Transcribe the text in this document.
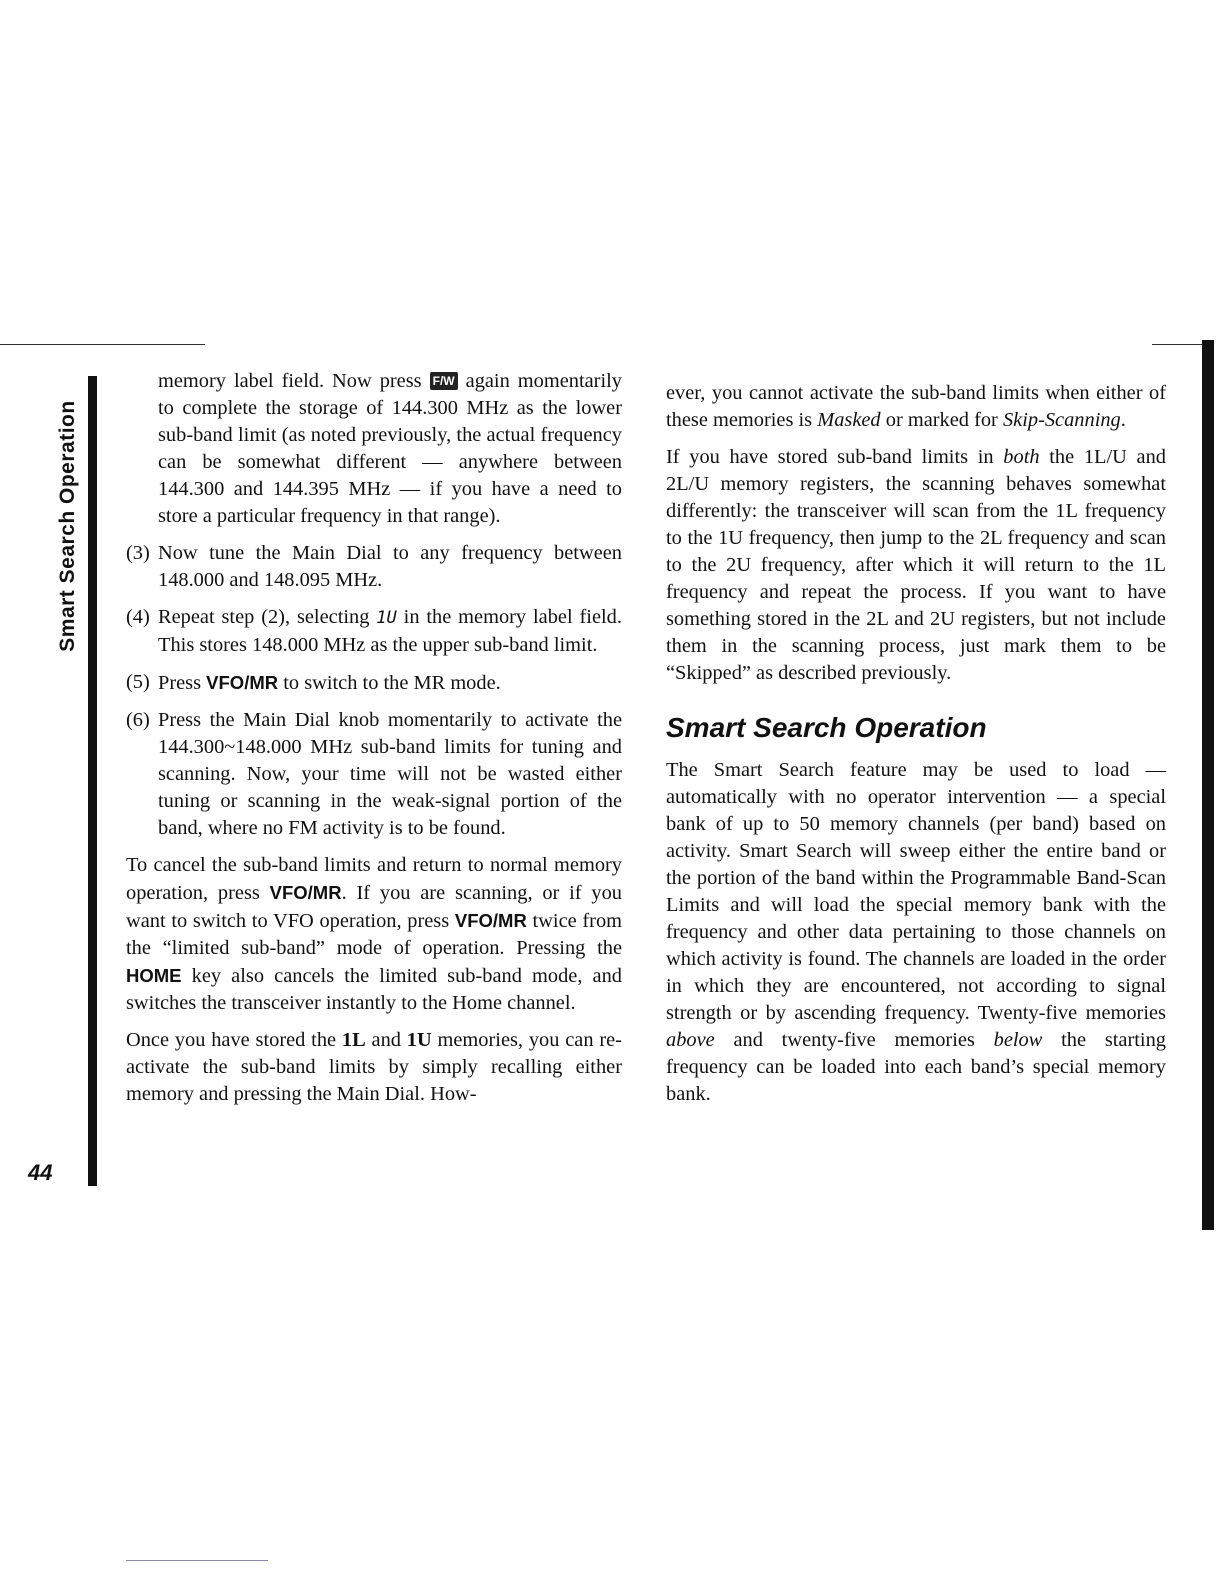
Smart Search Operation
44

memory label field. Now press F/W again momentarily to complete the storage of 144.300 MHz as the lower sub-band limit (as noted previously, the actual frequency can be somewhat different — anywhere between 144.300 and 144.395 MHz — if you have a need to store a particular frequency in that range).

(3) Now tune the Main Dial to any frequency between 148.000 and 148.095 MHz.
(4) Repeat step (2), selecting 1U in the memory label field. This stores 148.000 MHz as the upper sub-band limit.
(5) Press VFO/MR to switch to the MR mode.
(6) Press the Main Dial knob momentarily to activate the 144.300~148.000 MHz sub-band limits for tuning and scanning. Now, your time will not be wasted either tuning or scanning in the weak-signal portion of the band, where no FM activity is to be found.

To cancel the sub-band limits and return to normal memory operation, press VFO/MR. If you are scanning, or if you want to switch to VFO operation, press VFO/MR twice from the “limited sub-band” mode of operation. Pressing the HOME key also cancels the limited sub-band mode, and switches the transceiver instantly to the Home channel.

Once you have stored the 1L and 1U memories, you can re-activate the sub-band limits by simply recalling either memory and pressing the Main Dial. How-

ever, you cannot activate the sub-band limits when either of these memories is Masked or marked for Skip-Scanning.

If you have stored sub-band limits in both the 1L/U and 2L/U memory registers, the scanning behaves somewhat differently: the transceiver will scan from the 1L frequency to the 1U frequency, then jump to the 2L frequency and scan to the 2U frequency, after which it will return to the 1L frequency and repeat the process. If you want to have something stored in the 2L and 2U registers, but not include them in the scanning process, just mark them to be “Skipped” as described previously.

Smart Search Operation

The Smart Search feature may be used to load — automatically with no operator intervention — a special bank of up to 50 memory channels (per band) based on activity. Smart Search will sweep either the entire band or the portion of the band within the Programmable Band-Scan Limits and will load the special memory bank with the frequency and other data pertaining to those channels on which activity is found. The channels are loaded in the order in which they are encountered, not according to signal strength or by ascending frequency. Twenty-five memories above and twenty-five memories below the starting frequency can be loaded into each band’s special memory bank.
